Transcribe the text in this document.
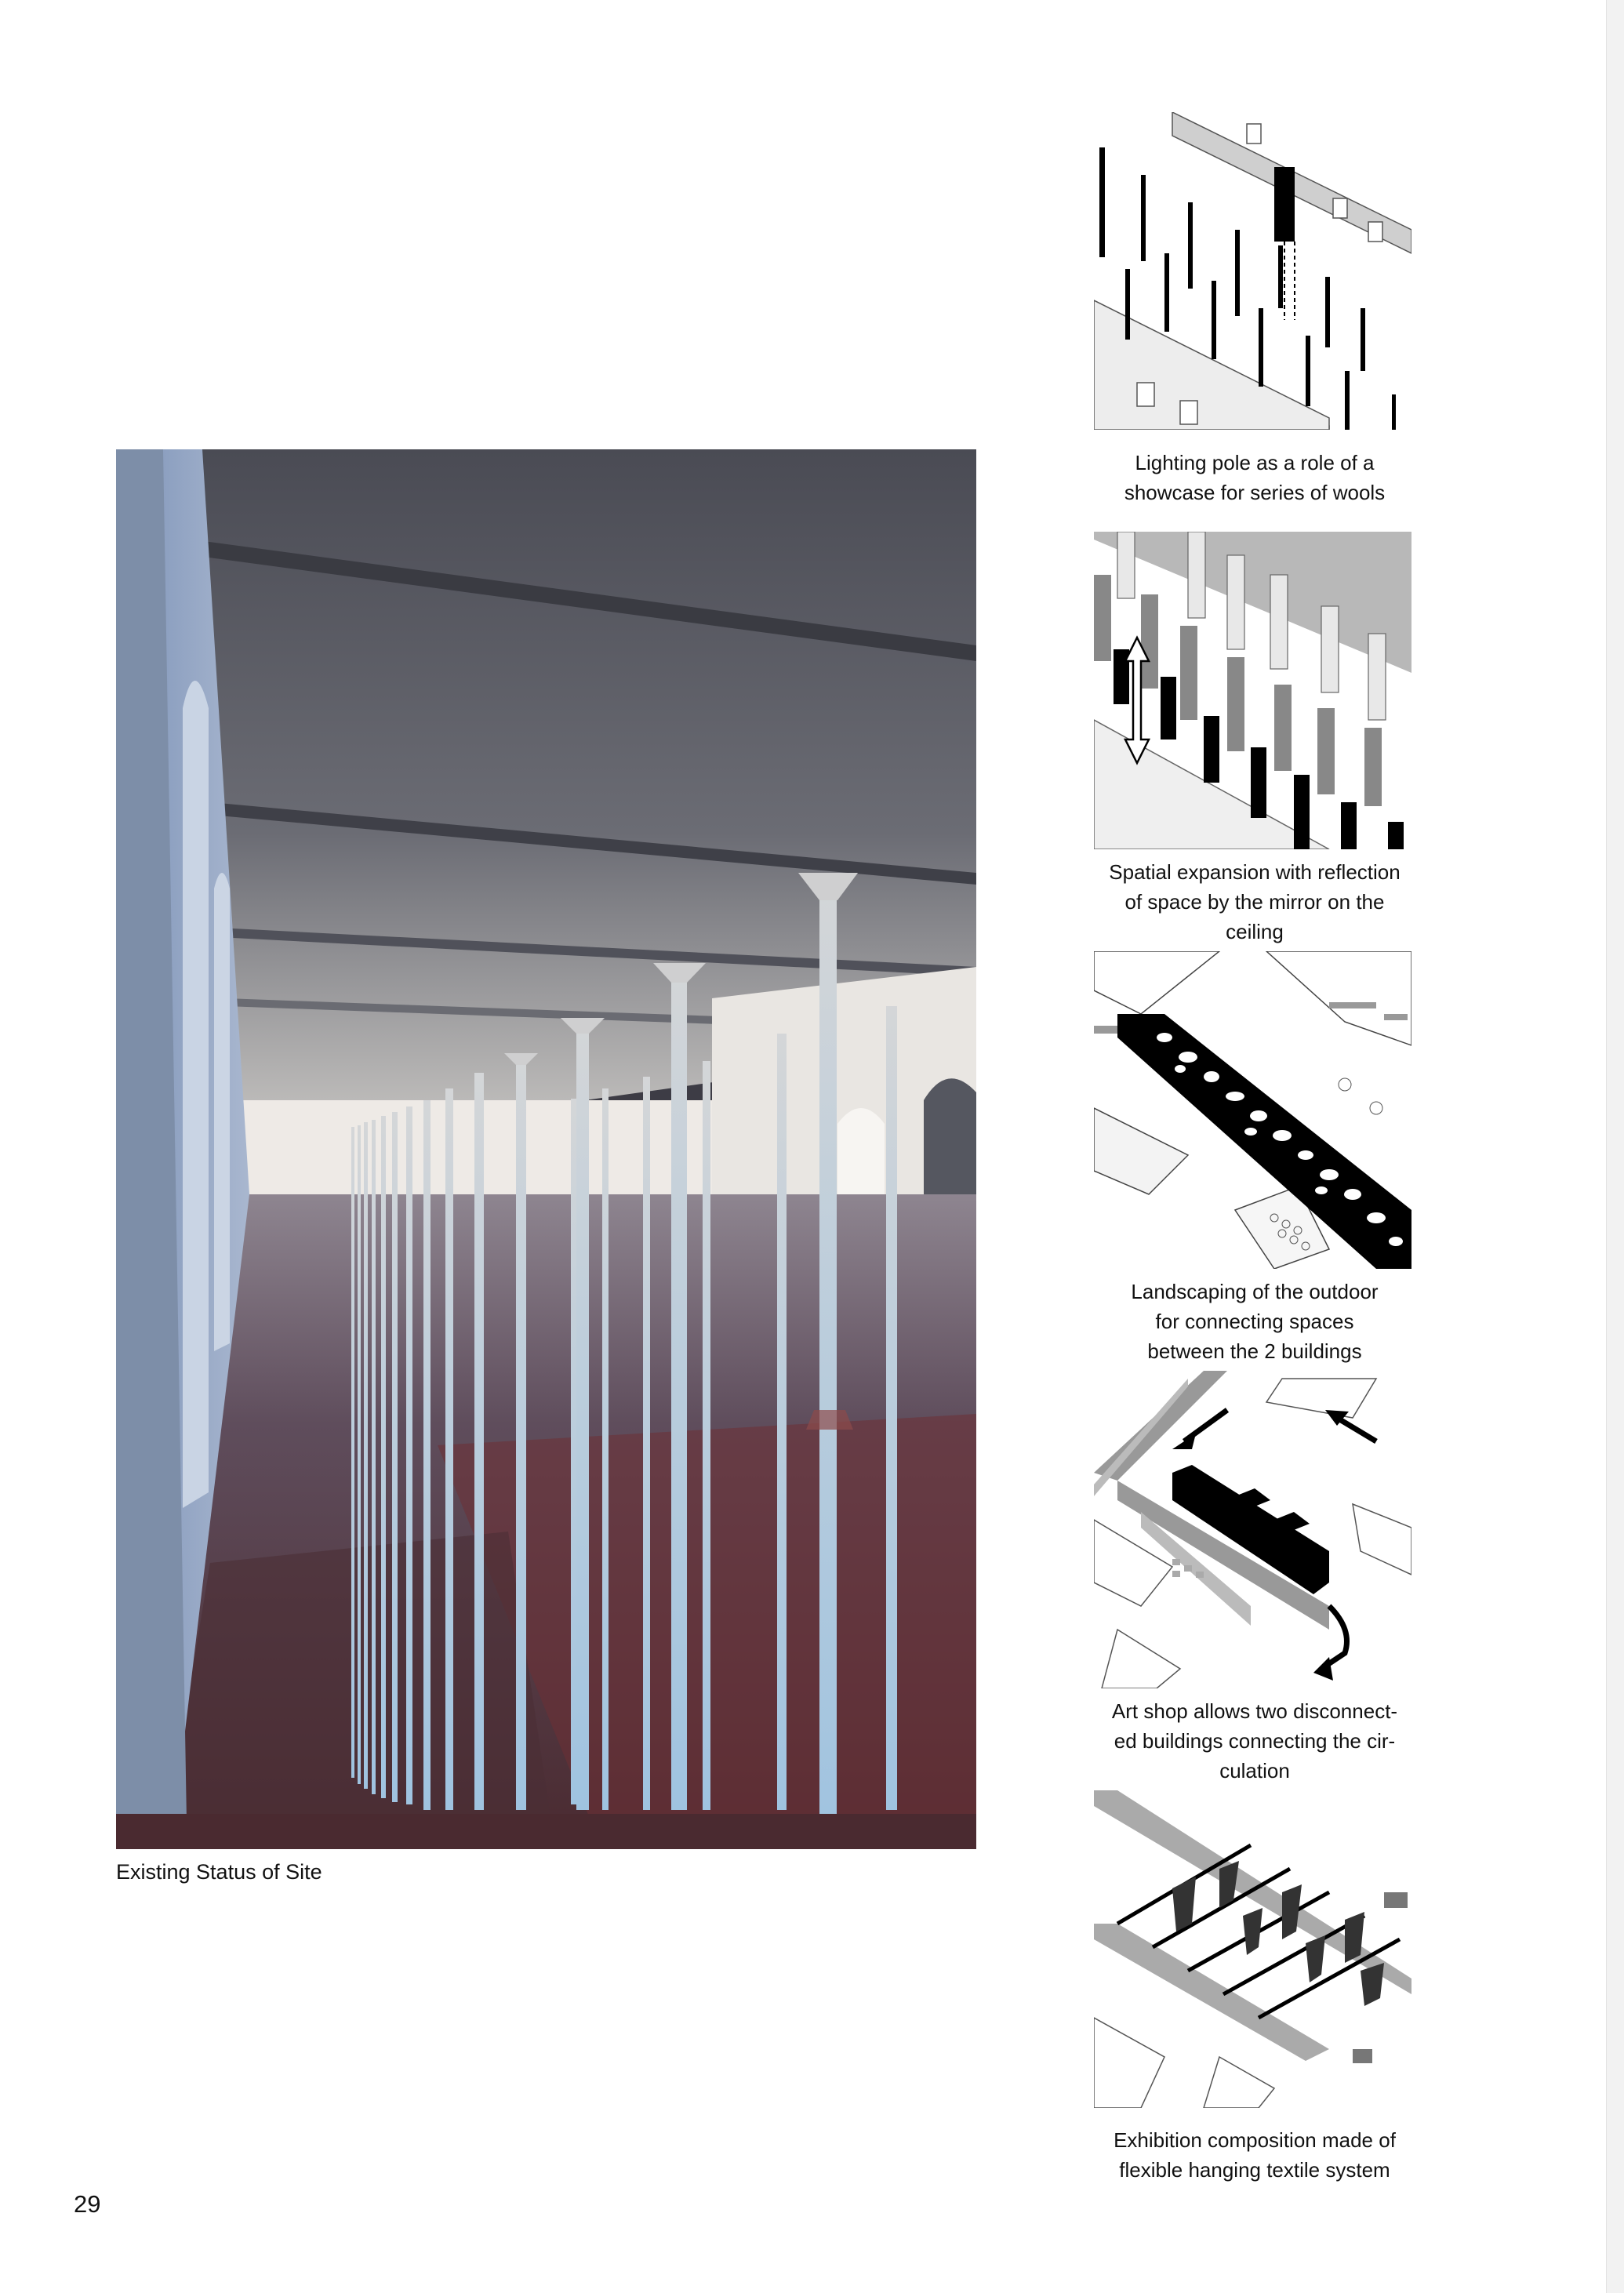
Existing Status of Site
Lighting pole as a role of a
showcase for series of wools
Spatial expansion with reflection
of space by the mirror on the
ceiling
Landscaping of the outdoor
for connecting spaces
between the 2 buildings
Art shop allows two disconnect-
ed buildings connecting the cir-
culation
Exhibition composition made of
flexible hanging textile system
29
